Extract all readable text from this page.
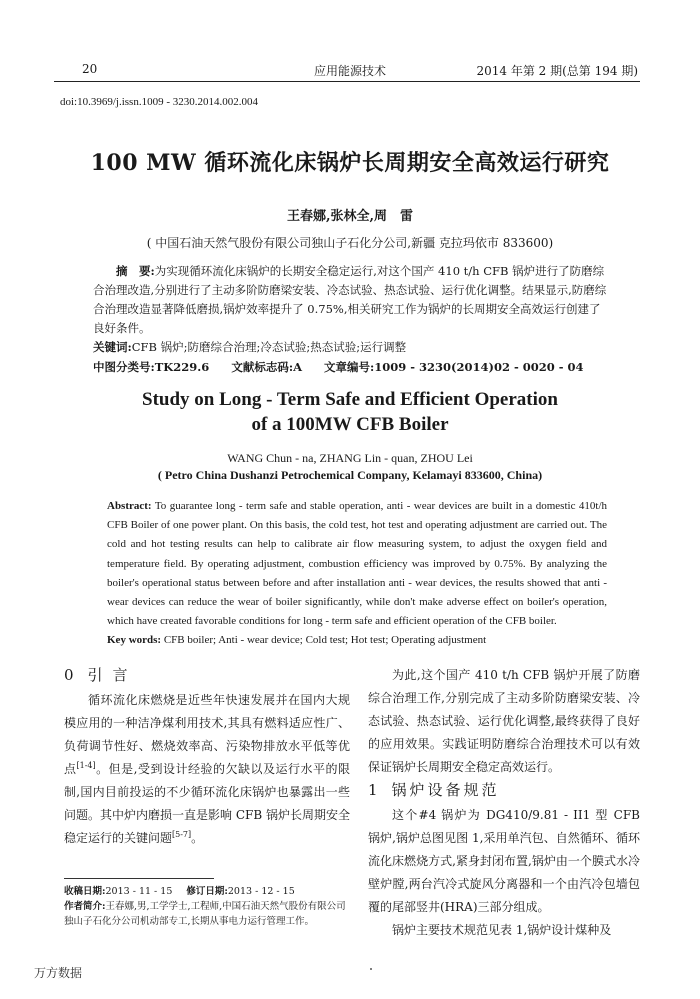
20	应用能源技术	2014 年第 2 期(总第 194 期)
doi:10.3969/j.issn.1009 - 3230.2014.002.004
100 MW 循环流化床锅炉长周期安全高效运行研究
王春娜,张林全,周　雷
( 中国石油天然气股份有限公司独山子石化分公司,新疆 克拉玛依市 833600)
摘　要:为实现循环流化床锅炉的长期安全稳定运行,对这个国产 410 t/h CFB 锅炉进行了防磨综合治理改造,分别进行了主动多阶防磨梁安装、冷态试验、热态试验、运行优化调整。结果显示,防磨综合治理改造显著降低磨损,锅炉效率提升了 0.75%,相关研究工作为锅炉的长周期安全高效运行创建了良好条件。
关键词:CFB 锅炉;防磨综合治理;冷态试验;热态试验;运行调整
中图分类号:TK229.6 文献标志码:A 文章编号:1009 - 3230(2014)02 - 0020 - 04
Study on Long - Term Safe and Efficient Operation
of a 100MW CFB Boiler
WANG Chun - na, ZHANG Lin - quan, ZHOU Lei
( Petro China Dushanzi Petrochemical Company, Kelamayi 833600, China)
Abstract: To guarantee long - term safe and stable operation, anti - wear devices are built in a domestic 410t/h CFB Boiler of one power plant. On this basis, the cold test, hot test and operating adjustment are carried out. The cold and hot testing results can help to calibrate air flow measuring system, to adjust the oxygen field and temperature field. By operating adjustment, combustion efficiency was improved by 0.75%. By analyzing the boiler's operational status between before and after installation anti - wear devices, the results showed that anti - wear devices can reduce the wear of boiler significantly, while don't make adverse effect on boiler's operation, which have created favorable conditions for long - term safe and efficient operation of the CFB boiler.
Key words: CFB boiler; Anti - wear device; Cold test; Hot test; Operating adjustment
0 引言

循环流化床燃烧是近些年快速发展并在国内大规模应用的一种洁净煤利用技术,其具有燃料适应性广、负荷调节性好、燃烧效率高、污染物排放水平低等优点[1-4]。但是,受到设计经验的欠缺以及运行水平的限制,国内目前投运的不少循环流化床锅炉也暴露出一些问题。其中炉内磨损一直是影响 CFB 锅炉长周期安全稳定运行的关键问题[5-7]。

为此,这个国产 410 t/h CFB 锅炉开展了防磨综合治理工作,分别完成了主动多阶防磨梁安装、冷态试验、热态试验、运行优化调整,最终获得了良好的应用效果。实践证明防磨综合治理技术可以有效保证锅炉长周期安全稳定高效运行。

1 锅炉设备规范

这个#4 锅炉为 DG410/9.81 - II1 型 CFB 锅炉,锅炉总图见图 1,采用单汽包、自然循环、循环流化床燃烧方式,紧身封闭布置,锅炉由一个膜式水冷壁炉膛,两台汽冷式旋风分离器和一个由汽冷包墙包覆的尾部竖井(HRA)三部分组成。

锅炉主要技术规范见表 1,锅炉设计煤种及

收稿日期:2013 - 11 - 15 修订日期:2013 - 12 - 15
作者简介:王春娜,男,工学学士,工程师,中国石油天然气股份有限公司独山子石化分公司机动部专工,长期从事电力运行管理工作。
万方数据
